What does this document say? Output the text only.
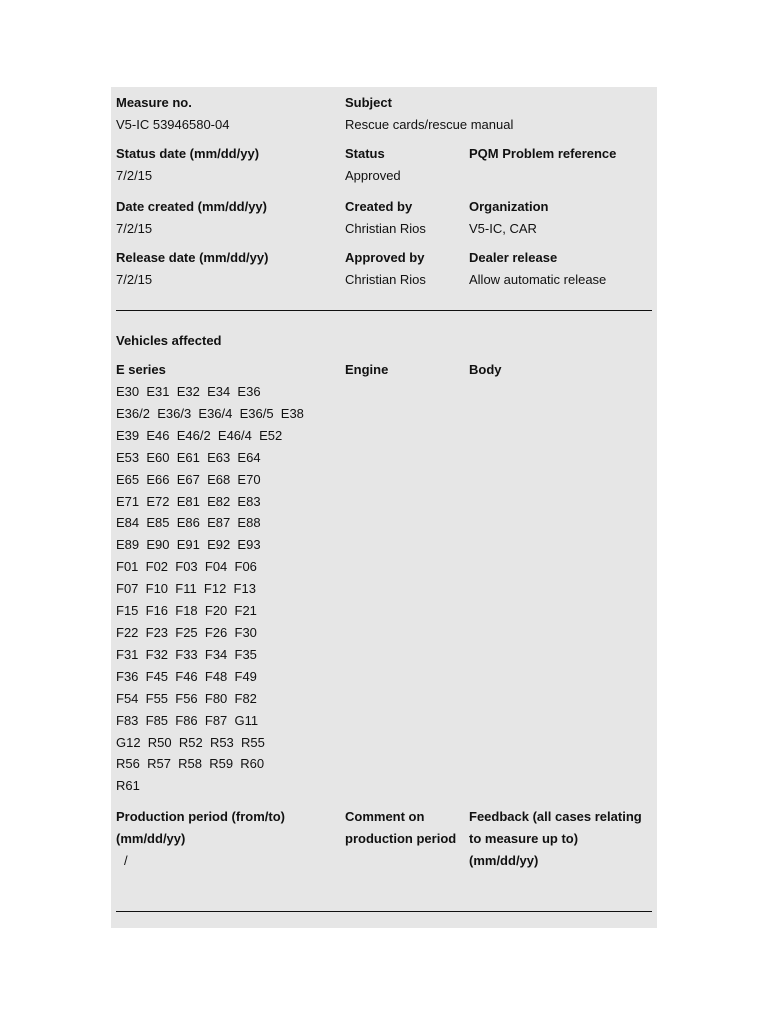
Measure no.
V5-IC 53946580-04
Subject
Rescue cards/rescue manual
Status date (mm/dd/yy)
7/2/15
Status
Approved
PQM Problem reference
Date created (mm/dd/yy)
7/2/15
Created by
Christian Rios
Organization
V5-IC, CAR
Release date (mm/dd/yy)
7/2/15
Approved by
Christian Rios
Dealer release
Allow automatic release
Vehicles affected
E series	Engine	Body
E30  E31  E32  E34  E36
E36/2  E36/3  E36/4  E36/5  E38
E39  E46  E46/2  E46/4  E52
E53  E60  E61  E63  E64
E65  E66  E67  E68  E70
E71  E72  E81  E82  E83
E84  E85  E86  E87  E88
E89  E90  E91  E92  E93
F01  F02  F03  F04  F06
F07  F10  F11  F12  F13
F15  F16  F18  F20  F21
F22  F23  F25  F26  F30
F31  F32  F33  F34  F35
F36  F45  F46  F48  F49
F54  F55  F56  F80  F82
F83  F85  F86  F87  G11
G12  R50  R52  R53  R55
R56  R57  R58  R59  R60
R61
Production period (from/to)
(mm/dd/yy)
/
Comment on
production period
Feedback (all cases relating
to measure up to)
(mm/dd/yy)
